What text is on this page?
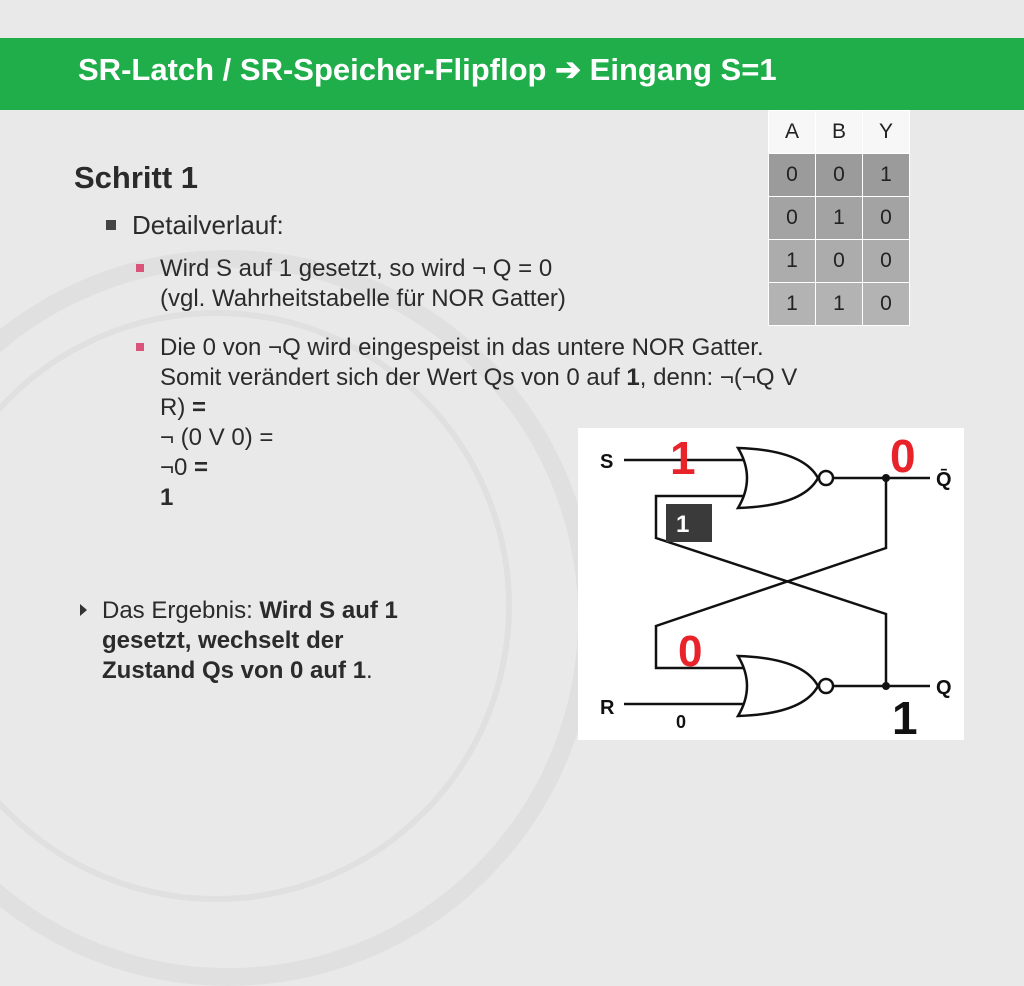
SR-Latch / SR-Speicher-Flipflop ➔ Eingang S=1
Schritt 1
Detailverlauf:
Wird S auf 1 gesetzt, so wird ¬ Q = 0
(vgl. Wahrheitstabelle für NOR Gatter)
Die 0 von ¬Q wird eingespeist in das untere NOR Gatter.
Somit verändert sich der Wert Qs von 0 auf 1, denn: ¬(¬Q V
R) =
¬ (0 V 0) =
¬0 =
1
Das Ergebnis: Wird S auf 1
gesetzt, wechselt der
Zustand Qs von 0 auf 1.
A	B	Y
0	0	1
0	1	0
1	0	0
1	1	0
S
R
Q̄
Q
1	0
1
0
0	1
